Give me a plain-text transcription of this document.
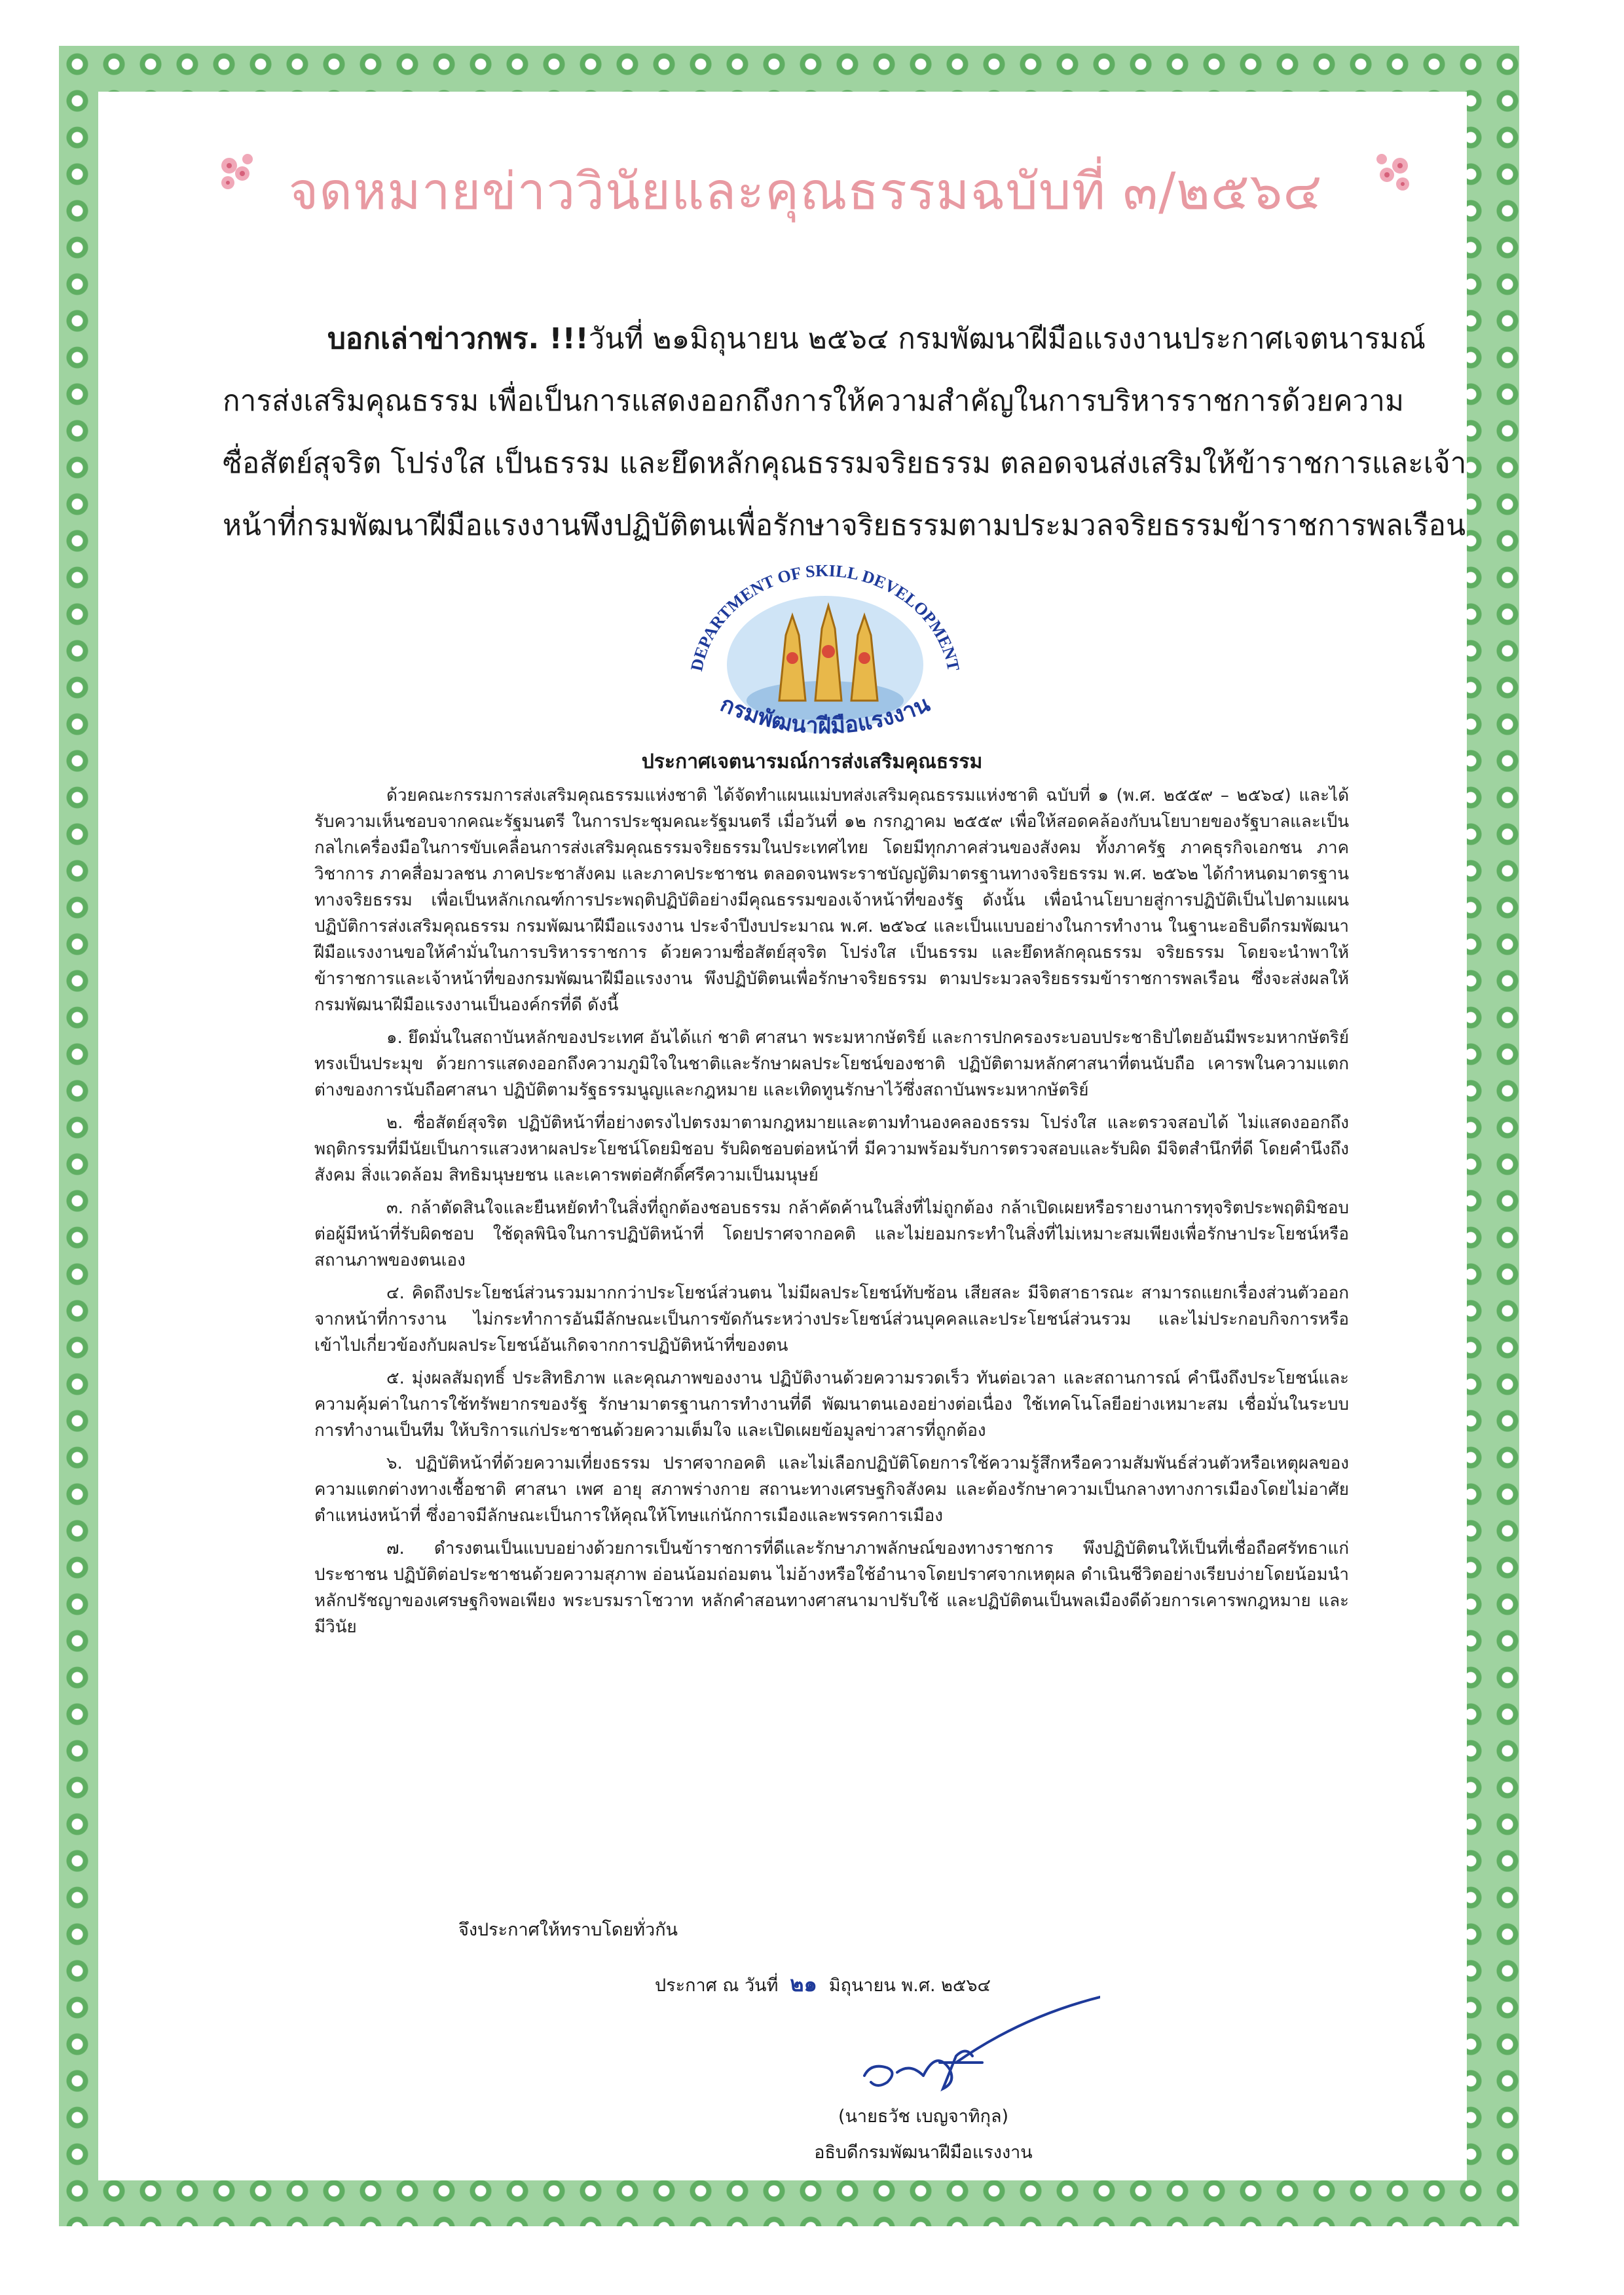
จดหมายข่าววินัยและคุณธรรมฉบับที่ ๓/๒๕๖๔

บอกเล่าข่าวกพร. !!!วันที่ ๒๑มิถุนายน ๒๕๖๔ กรมพัฒนาฝีมือแรงงานประกาศเจตนารมณ์การส่งเสริมคุณธรรม เพื่อเป็นการแสดงออกถึงการให้ความสำคัญในการบริหารราชการด้วยความซื่อสัตย์สุจริต โปร่งใส เป็นธรรม และยึดหลักคุณธรรมจริยธรรม ตลอดจนส่งเสริมให้ข้าราชการและเจ้าหน้าที่กรมพัฒนาฝีมือแรงงานพึงปฏิบัติตนเพื่อรักษาจริยธรรมตามประมวลจริยธรรมข้าราชการพลเรือน

DEPARTMENT OF SKILL DEVELOPMENT
กรมพัฒนาฝีมือแรงงาน
ประกาศเจตนารมณ์การส่งเสริมคุณธรรม

ด้วยคณะกรรมการส่งเสริมคุณธรรมแห่งชาติ ได้จัดทำแผนแม่บทส่งเสริมคุณธรรมแห่งชาติ ฉบับที่ ๑ (พ.ศ. ๒๕๕๙ – ๒๕๖๔) และได้รับความเห็นชอบจากคณะรัฐมนตรี ในการประชุมคณะรัฐมนตรี เมื่อวันที่ ๑๒ กรกฎาคม ๒๕๕๙ เพื่อให้สอดคล้องกับนโยบายของรัฐบาลและเป็นกลไกเครื่องมือในการขับเคลื่อนการส่งเสริมคุณธรรมจริยธรรมในประเทศไทย โดยมีทุกภาคส่วนของสังคม ทั้งภาครัฐ ภาคธุรกิจเอกชน ภาควิชาการ ภาคสื่อมวลชน ภาคประชาสังคม และภาคประชาชน ตลอดจนพระราชบัญญัติมาตรฐานทางจริยธรรม พ.ศ. ๒๕๖๒ ได้กำหนดมาตรฐานทางจริยธรรม เพื่อเป็นหลักเกณฑ์การประพฤติปฏิบัติอย่างมีคุณธรรมของเจ้าหน้าที่ของรัฐ ดังนั้น เพื่อนำนโยบายสู่การปฏิบัติเป็นไปตามแผนปฏิบัติการส่งเสริมคุณธรรม กรมพัฒนาฝีมือแรงงาน ประจำปีงบประมาณ พ.ศ. ๒๕๖๔ และเป็นแบบอย่างในการทำงาน ในฐานะอธิบดีกรมพัฒนาฝีมือแรงงานขอให้คำมั่นในการบริหารราชการ ด้วยความซื่อสัตย์สุจริต โปร่งใส เป็นธรรม และยึดหลักคุณธรรม จริยธรรม โดยจะนำพาให้ข้าราชการและเจ้าหน้าที่ของกรมพัฒนาฝีมือแรงงาน พึงปฏิบัติตนเพื่อรักษาจริยธรรม ตามประมวลจริยธรรมข้าราชการพลเรือน ซึ่งจะส่งผลให้กรมพัฒนาฝีมือแรงงานเป็นองค์กรที่ดี ดังนี้

๑. ยึดมั่นในสถาบันหลักของประเทศ อันได้แก่ ชาติ ศาสนา พระมหากษัตริย์ และการปกครองระบอบประชาธิปไตยอันมีพระมหากษัตริย์ทรงเป็นประมุข ด้วยการแสดงออกถึงความภูมิใจในชาติและรักษาผลประโยชน์ของชาติ ปฏิบัติตามหลักศาสนาที่ตนนับถือ เคารพในความแตกต่างของการนับถือศาสนา ปฏิบัติตามรัฐธรรมนูญและกฎหมาย และเทิดทูนรักษาไว้ซึ่งสถาบันพระมหากษัตริย์

๒. ซื่อสัตย์สุจริต ปฏิบัติหน้าที่อย่างตรงไปตรงมาตามกฎหมายและตามทำนองคลองธรรม โปร่งใส และตรวจสอบได้ ไม่แสดงออกถึงพฤติกรรมที่มีนัยเป็นการแสวงหาผลประโยชน์โดยมิชอบ รับผิดชอบต่อหน้าที่ มีความพร้อมรับการตรวจสอบและรับผิด มีจิตสำนึกที่ดี โดยคำนึงถึงสังคม สิ่งแวดล้อม สิทธิมนุษยชน และเคารพต่อศักดิ์ศรีความเป็นมนุษย์

๓. กล้าตัดสินใจและยืนหยัดทำในสิ่งที่ถูกต้องชอบธรรม กล้าคัดค้านในสิ่งที่ไม่ถูกต้อง กล้าเปิดเผยหรือรายงานการทุจริตประพฤติมิชอบต่อผู้มีหน้าที่รับผิดชอบ ใช้ดุลพินิจในการปฏิบัติหน้าที่ โดยปราศจากอคติ และไม่ยอมกระทำในสิ่งที่ไม่เหมาะสมเพียงเพื่อรักษาประโยชน์หรือสถานภาพของตนเอง

๔. คิดถึงประโยชน์ส่วนรวมมากกว่าประโยชน์ส่วนตน ไม่มีผลประโยชน์ทับซ้อน เสียสละ มีจิตสาธารณะ สามารถแยกเรื่องส่วนตัวออกจากหน้าที่การงาน ไม่กระทำการอันมีลักษณะเป็นการขัดกันระหว่างประโยชน์ส่วนบุคคลและประโยชน์ส่วนรวม และไม่ประกอบกิจการหรือเข้าไปเกี่ยวข้องกับผลประโยชน์อันเกิดจากการปฏิบัติหน้าที่ของตน

๕. มุ่งผลสัมฤทธิ์ ประสิทธิภาพ และคุณภาพของงาน ปฏิบัติงานด้วยความรวดเร็ว ทันต่อเวลา และสถานการณ์ คำนึงถึงประโยชน์และความคุ้มค่าในการใช้ทรัพยากรของรัฐ รักษามาตรฐานการทำงานที่ดี พัฒนาตนเองอย่างต่อเนื่อง ใช้เทคโนโลยีอย่างเหมาะสม เชื่อมั่นในระบบการทำงานเป็นทีม ให้บริการแก่ประชาชนด้วยความเต็มใจ และเปิดเผยข้อมูลข่าวสารที่ถูกต้อง

๖. ปฏิบัติหน้าที่ด้วยความเที่ยงธรรม ปราศจากอคติ และไม่เลือกปฏิบัติโดยการใช้ความรู้สึกหรือความสัมพันธ์ส่วนตัวหรือเหตุผลของความแตกต่างทางเชื้อชาติ ศาสนา เพศ อายุ สภาพร่างกาย สถานะทางเศรษฐกิจสังคม และต้องรักษาความเป็นกลางทางการเมืองโดยไม่อาศัยตำแหน่งหน้าที่ ซึ่งอาจมีลักษณะเป็นการให้คุณให้โทษแก่นักการเมืองและพรรคการเมือง

๗. ดำรงตนเป็นแบบอย่างด้วยการเป็นข้าราชการที่ดีและรักษาภาพลักษณ์ของทางราชการ พึงปฏิบัติตนให้เป็นที่เชื่อถือศรัทธาแก่ประชาชน ปฏิบัติต่อประชาชนด้วยความสุภาพ อ่อนน้อมถ่อมตน ไม่อ้างหรือใช้อำนาจโดยปราศจากเหตุผล ดำเนินชีวิตอย่างเรียบง่ายโดยน้อมนำหลักปรัชญาของเศรษฐกิจพอเพียง พระบรมราโชวาท หลักคำสอนทางศาสนามาปรับใช้ และปฏิบัติตนเป็นพลเมืองดีด้วยการเคารพกฎหมาย และมีวินัย

จึงประกาศให้ทราบโดยทั่วกัน

ประกาศ ณ วันที่ ๒๑ มิถุนายน พ.ศ. ๒๕๖๔

(นายธวัช เบญจาทิกุล)

อธิบดีกรมพัฒนาฝีมือแรงงาน
